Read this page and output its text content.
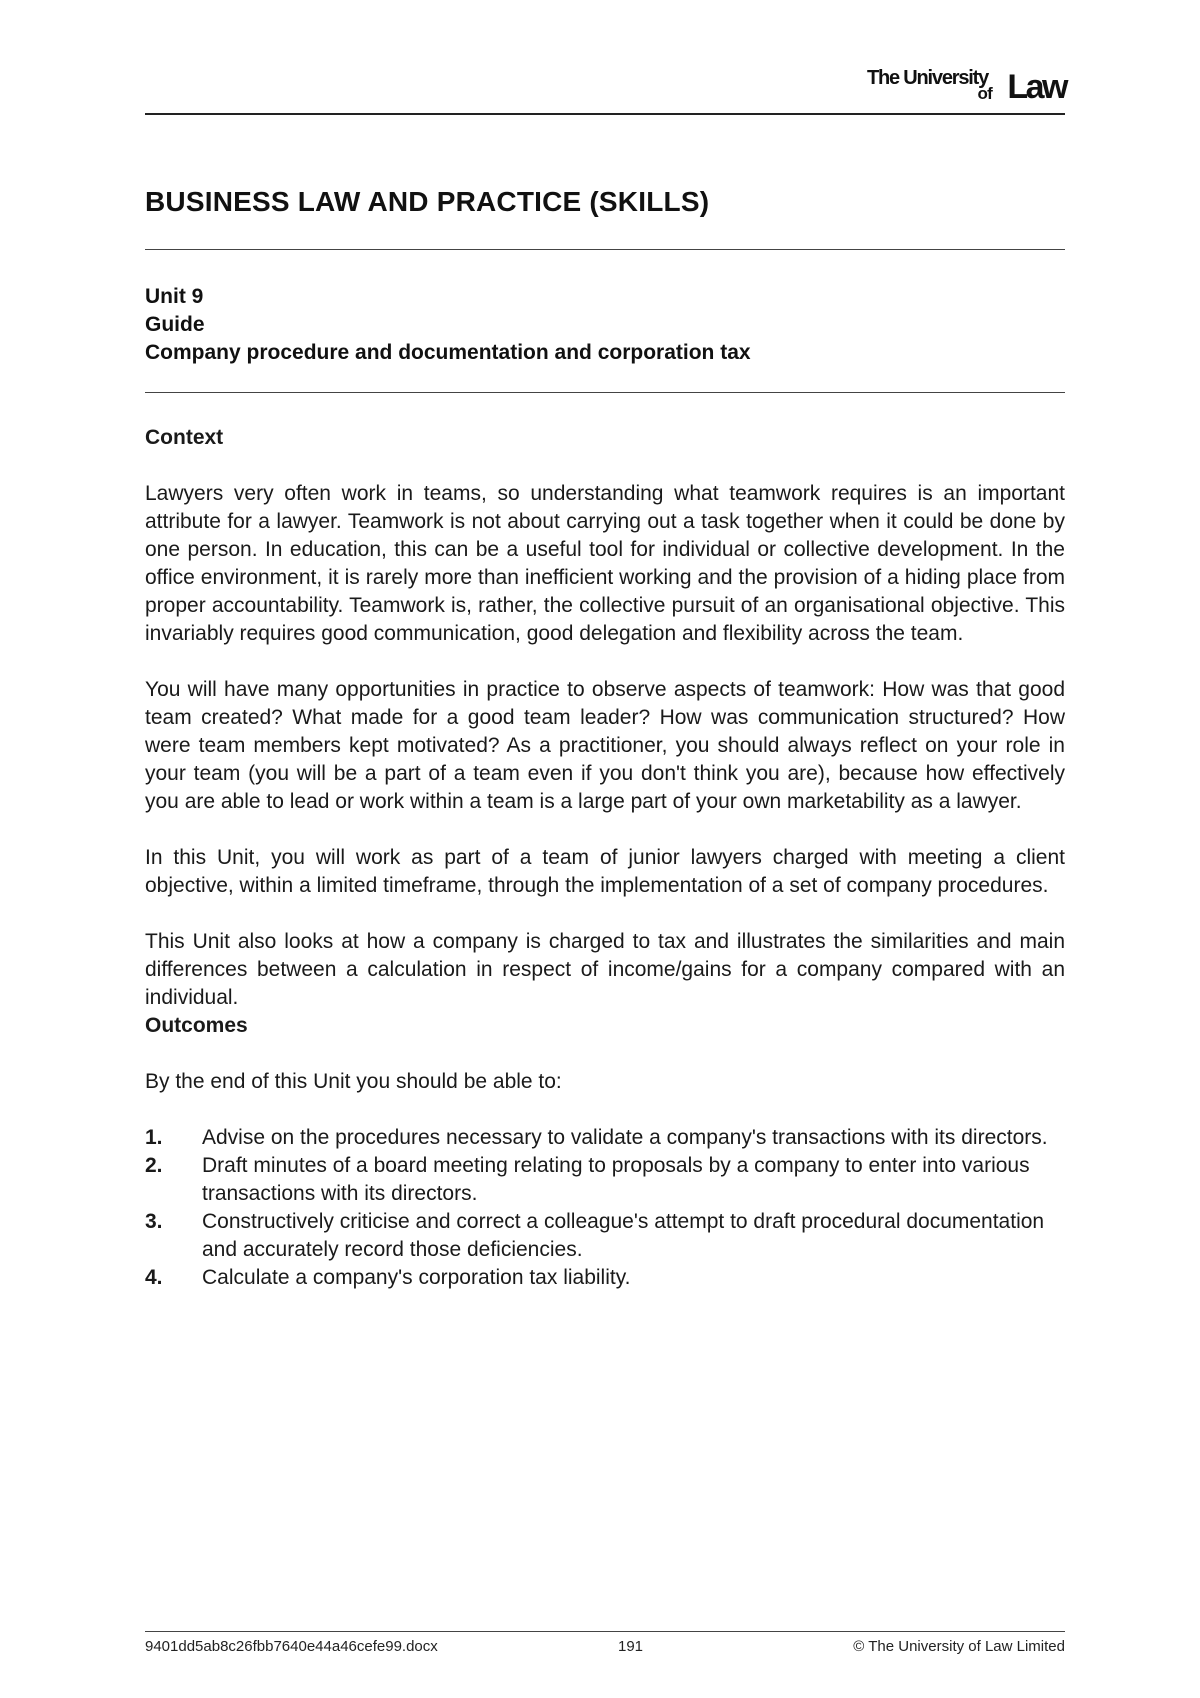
The University
of Law
BUSINESS LAW AND PRACTICE (SKILLS)
Unit 9
Guide
Company procedure and documentation and corporation tax

Context

Lawyers very often work in teams, so understanding what teamwork requires is an important attribute for a lawyer. Teamwork is not about carrying out a task together when it could be done by one person. In education, this can be a useful tool for individual or collective development. In the office environment, it is rarely more than inefficient working and the provision of a hiding place from proper accountability. Teamwork is, rather, the collective pursuit of an organisational objective. This invariably requires good communication, good delegation and flexibility across the team.

You will have many opportunities in practice to observe aspects of teamwork: How was that good team created? What made for a good team leader? How was communication structured? How were team members kept motivated? As a practitioner, you should always reflect on your role in your team (you will be a part of a team even if you don't think you are), because how effectively you are able to lead or work within a team is a large part of your own marketability as a lawyer.

In this Unit, you will work as part of a team of junior lawyers charged with meeting a client objective, within a limited timeframe, through the implementation of a set of company procedures.

This Unit also looks at how a company is charged to tax and illustrates the similarities and main differences between a calculation in respect of income/gains for a company compared with an individual.

Outcomes

By the end of this Unit you should be able to:

1. Advise on the procedures necessary to validate a company's transactions with its directors.
2. Draft minutes of a board meeting relating to proposals by a company to enter into various transactions with its directors.
3. Constructively criticise and correct a colleague's attempt to draft procedural documentation and accurately record those deficiencies.
4. Calculate a company's corporation tax liability.
9401dd5ab8c26fbb7640e44a46cefe99.docx	191	© The University of Law Limited
